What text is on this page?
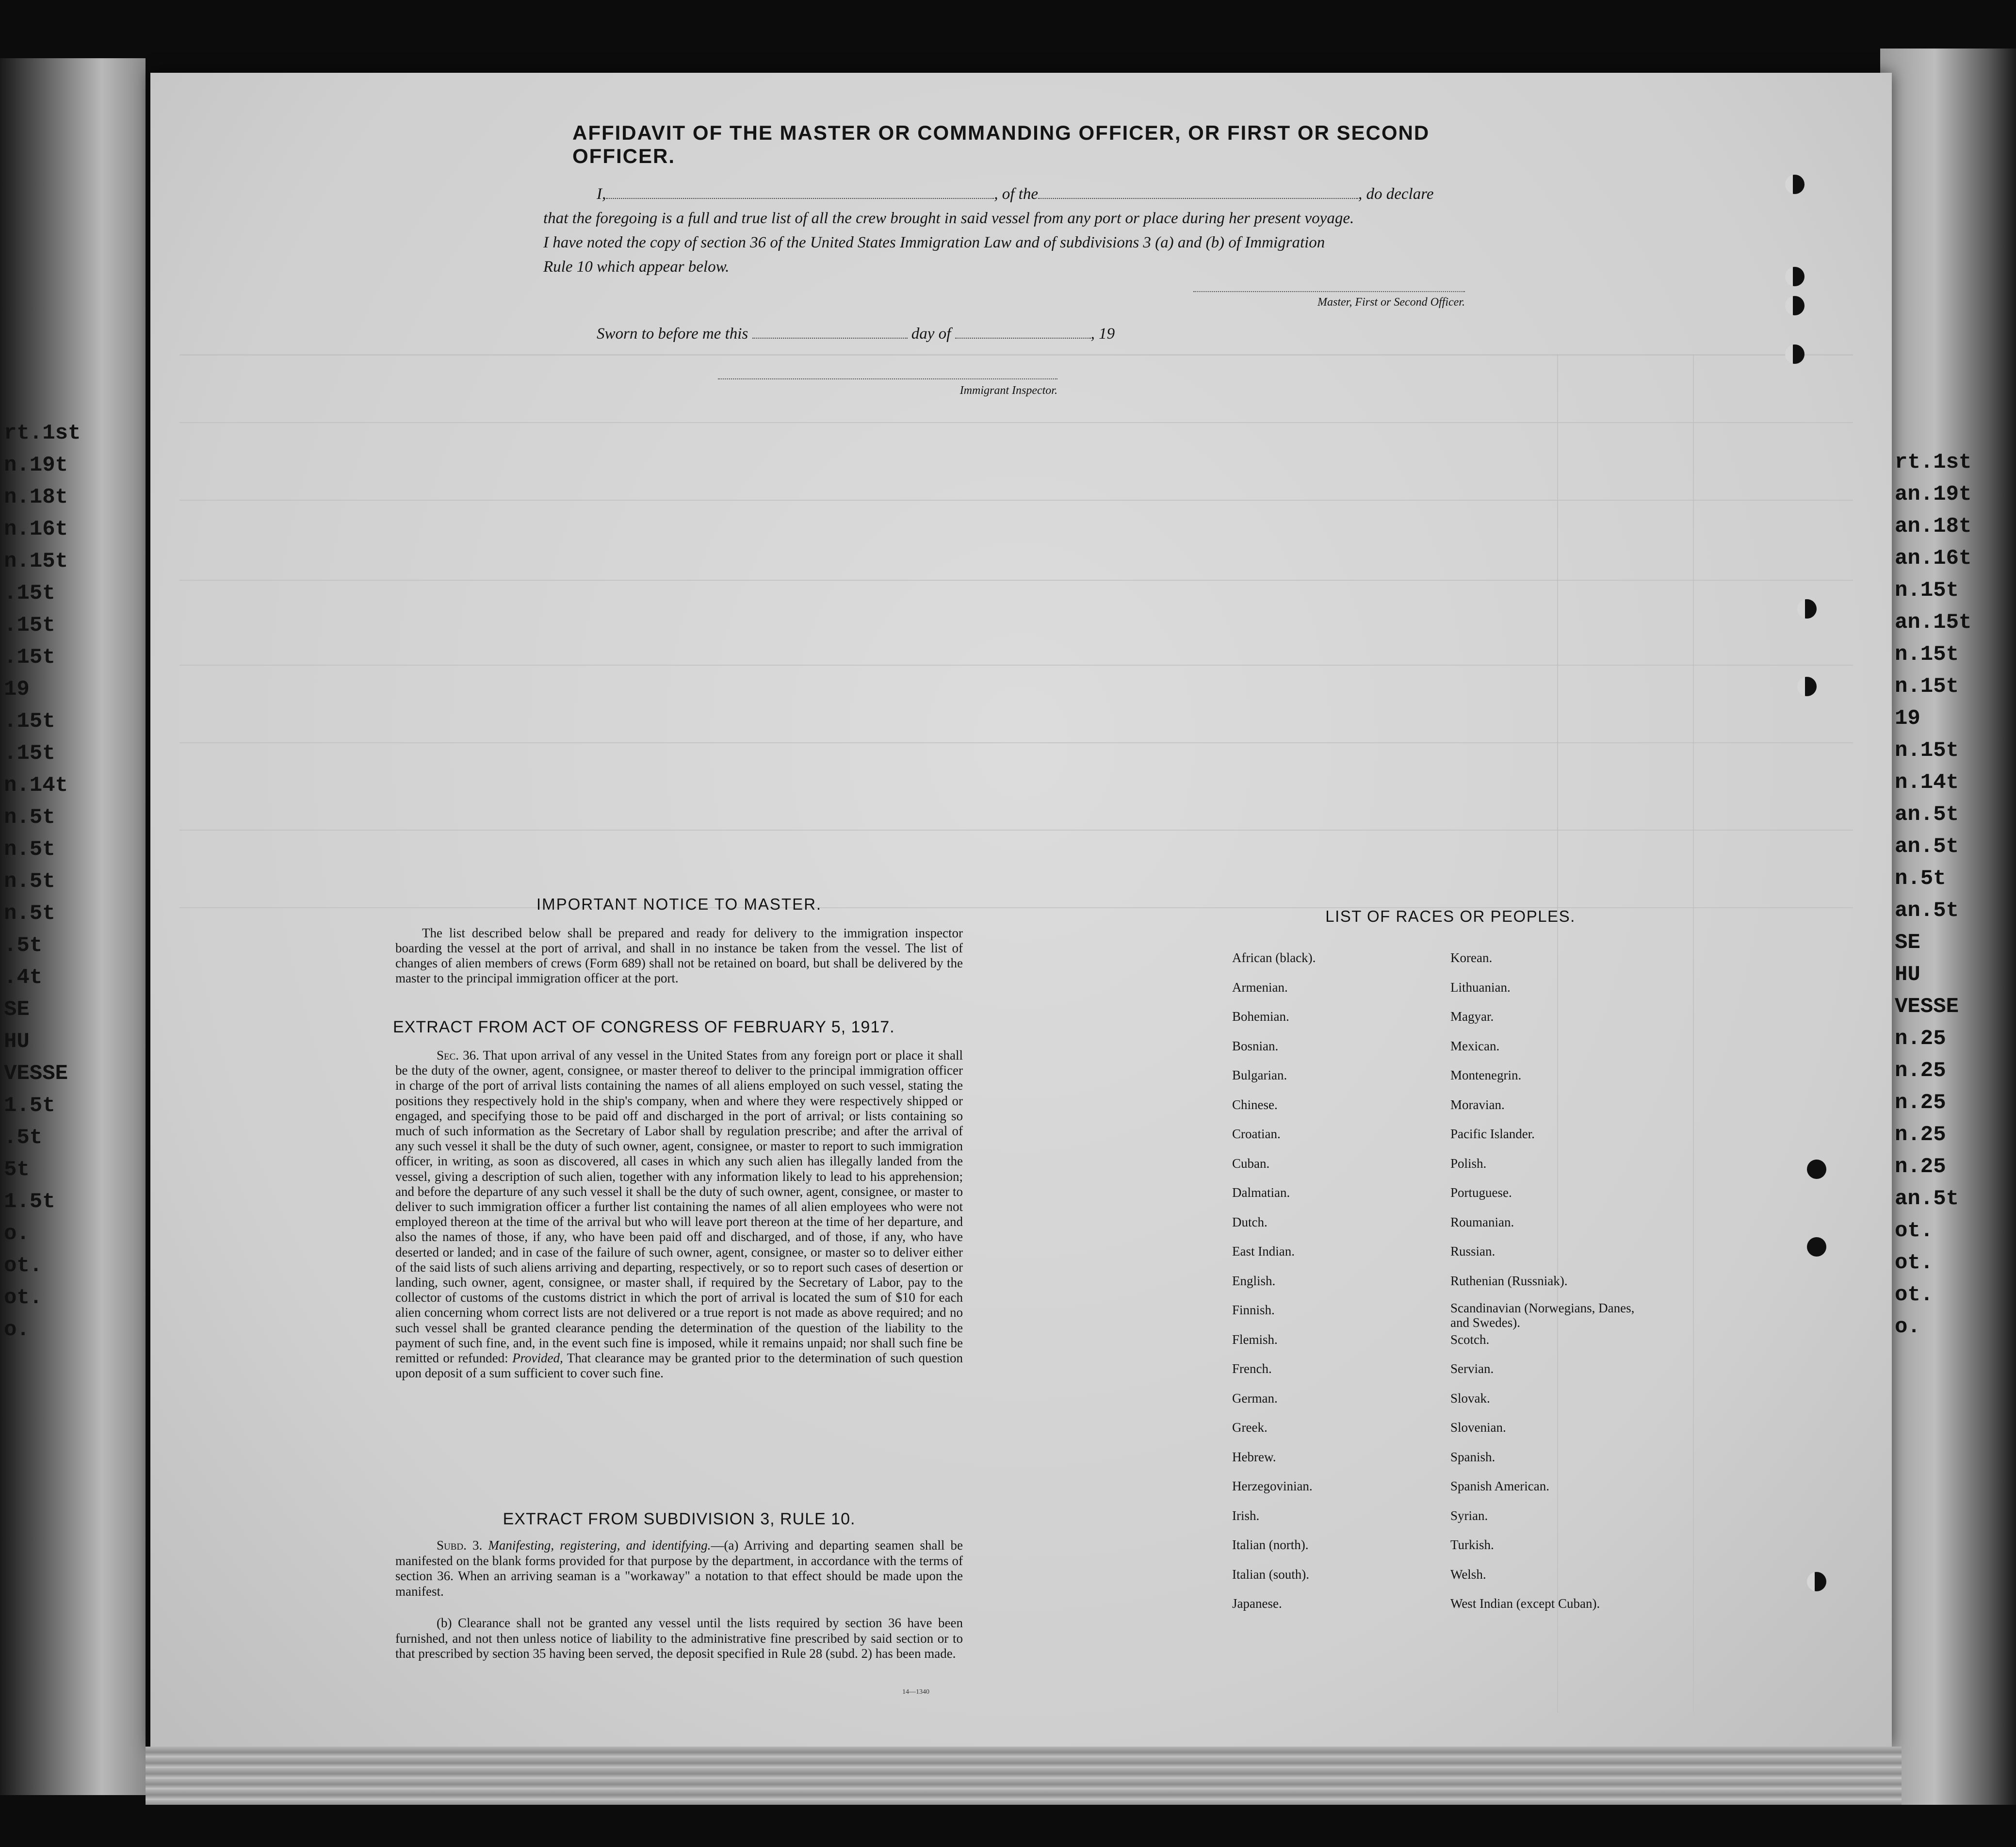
rt.1st
n.19t
n.18t
n.16t
n.15t
.15t
.15t
.15t
19
.15t
.15t
n.14t
n.5t
n.5t
n.5t
n.5t
.5t
.4t
SE
HU
VESSE
1.5t
.5t
5t
1.5t
o.
ot.
ot.
o.
rt.1st
an.19t
an.18t
an.16t
n.15t
an.15t
n.15t
n.15t
19
n.15t
n.14t
an.5t
an.5t
n.5t
an.5t
SE
HU
VESSE
n.25
n.25
n.25
n.25
n.25
an.5t
ot.
ot.
ot.
o.
AFFIDAVIT OF THE MASTER OR COMMANDING OFFICER, OR FIRST OR SECOND OFFICER.
I,	, of the	, do declare
that the foregoing is a full and true list of all the crew brought in said vessel from any port or place during her present voyage.
I have noted the copy of section 36 of the United States Immigration Law and of subdivisions 3 (a) and (b) of Immigration
Rule 10 which appear below.
Master, First or Second Officer.
Sworn to before me this	day of	, 19
Immigrant Inspector.
IMPORTANT NOTICE TO MASTER.
The list described below shall be prepared and ready for delivery to the immigration inspector boarding the vessel at the port of arrival, and shall in no instance be taken from the vessel. The list of changes of alien members of crews (Form 689) shall not be retained on board, but shall be delivered by the master to the principal immigration officer at the port.
EXTRACT FROM ACT OF CONGRESS OF FEBRUARY 5, 1917.
Sec. 36. That upon arrival of any vessel in the United States from any foreign port or place it shall be the duty of the owner, agent, consignee, or master thereof to deliver to the principal immigration officer in charge of the port of arrival lists containing the names of all aliens employed on such vessel, stating the positions they respectively hold in the ship's company, when and where they were respectively shipped or engaged, and specifying those to be paid off and discharged in the port of arrival; or lists containing so much of such information as the Secretary of Labor shall by regulation prescribe; and after the arrival of any such vessel it shall be the duty of such owner, agent, consignee, or master to report to such immigration officer, in writing, as soon as discovered, all cases in which any such alien has illegally landed from the vessel, giving a description of such alien, together with any information likely to lead to his apprehension; and before the departure of any such vessel it shall be the duty of such owner, agent, consignee, or master to deliver to such immigration officer a further list containing the names of all alien employees who were not employed thereon at the time of the arrival but who will leave port thereon at the time of her departure, and also the names of those, if any, who have been paid off and discharged, and of those, if any, who have deserted or landed; and in case of the failure of such owner, agent, consignee, or master so to deliver either of the said lists of such aliens arriving and departing, respectively, or so to report such cases of desertion or landing, such owner, agent, consignee, or master shall, if required by the Secretary of Labor, pay to the collector of customs of the customs district in which the port of arrival is located the sum of $10 for each alien concerning whom correct lists are not delivered or a true report is not made as above required; and no such vessel shall be granted clearance pending the determination of the question of the liability to the payment of such fine, and, in the event such fine is imposed, while it remains unpaid; nor shall such fine be remitted or refunded: Provided, That clearance may be granted prior to the determination of such question upon deposit of a sum sufficient to cover such fine.
EXTRACT FROM SUBDIVISION 3, RULE 10.
Subd. 3. Manifesting, registering, and identifying.—(a) Arriving and departing seamen shall be manifested on the blank forms provided for that purpose by the department, in accordance with the terms of section 36. When an arriving seaman is a "workaway" a notation to that effect should be made upon the manifest.
(b) Clearance shall not be granted any vessel until the lists required by section 36 have been furnished, and not then unless notice of liability to the administrative fine prescribed by said section or to that prescribed by section 35 having been served, the deposit specified in Rule 28 (subd. 2) has been made.
14—1340
LIST OF RACES OR PEOPLES.
African (black).
Armenian.
Bohemian.
Bosnian.
Bulgarian.
Chinese.
Croatian.
Cuban.
Dalmatian.
Dutch.
East Indian.
English.
Finnish.
Flemish.
French.
German.
Greek.
Hebrew.
Herzegovinian.
Irish.
Italian (north).
Italian (south).
Japanese.
Korean.
Lithuanian.
Magyar.
Mexican.
Montenegrin.
Moravian.
Pacific Islander.
Polish.
Portuguese.
Roumanian.
Russian.
Ruthenian (Russniak).
Scandinavian (Norwegians, Danes, and Swedes).
Scotch.
Servian.
Slovak.
Slovenian.
Spanish.
Spanish American.
Syrian.
Turkish.
Welsh.
West Indian (except Cuban).
